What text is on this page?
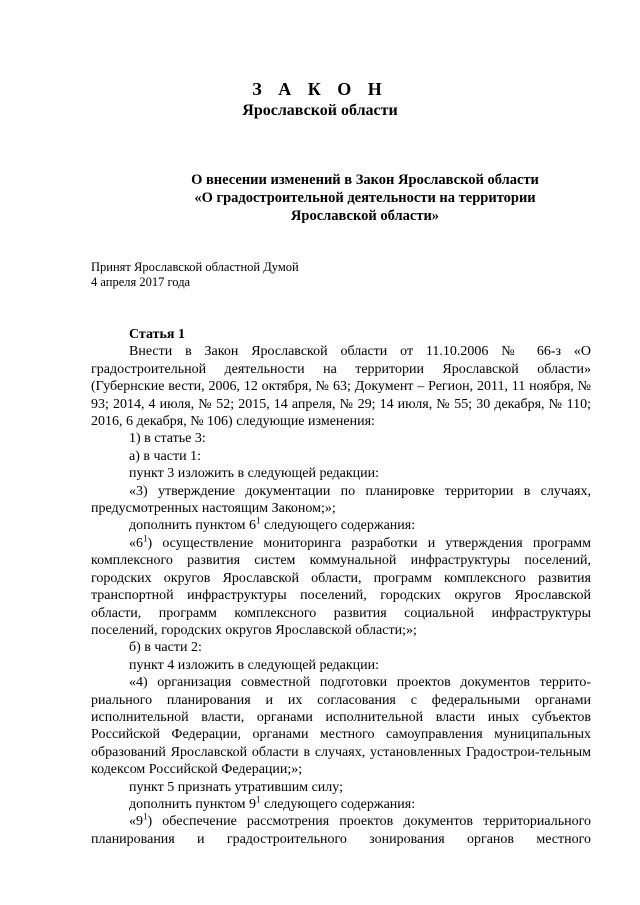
З А К О Н
Ярославской области
О внесении изменений в Закон Ярославской области
«О градостроительной деятельности на территории
Ярославской области»
Принят Ярославской областной Думой
4 апреля 2017 года

Статья 1

Внести в Закон Ярославской области от 11.10.2006 № 66-з «О градостроительной деятельности на территории Ярославской области» (Губернские вести, 2006, 12 октября, № 63; Документ – Регион, 2011, 11 ноября, № 93; 2014, 4 июля, № 52; 2015, 14 апреля, № 29; 14 июля, № 55; 30 декабря, № 110; 2016, 6 декабря, № 106) следующие изменения:

1) в статье 3:

а) в части 1:

пункт 3 изложить в следующей редакции:

«3) утверждение документации по планировке территории в случаях, предусмотренных настоящим Законом;»;

дополнить пунктом $6^1$ следующего содержания:

«$6^1$) осуществление мониторинга разработки и утверждения программ комплексного развития систем коммунальной инфраструктуры поселений, городских округов Ярославской области, программ комплексного развития транспортной инфраструктуры поселений, городских округов Ярославской области, программ комплексного развития социальной инфраструктуры поселений, городских округов Ярославской области;»;

б) в части 2:

пункт 4 изложить в следующей редакции:

«4) организация совместной подготовки проектов документов террито-риального планирования и их согласования с федеральными органами исполнительной власти, органами исполнительной власти иных субъектов Российской Федерации, органами местного самоуправления муниципальных образований Ярославской области в случаях, установленных Градострои-тельным кодексом Российской Федерации;»;

пункт 5 признать утратившим силу;

дополнить пунктом $9^1$ следующего содержания:

«$9^1$) обеспечение рассмотрения проектов документов территориального планирования и градостроительного зонирования органов местного
